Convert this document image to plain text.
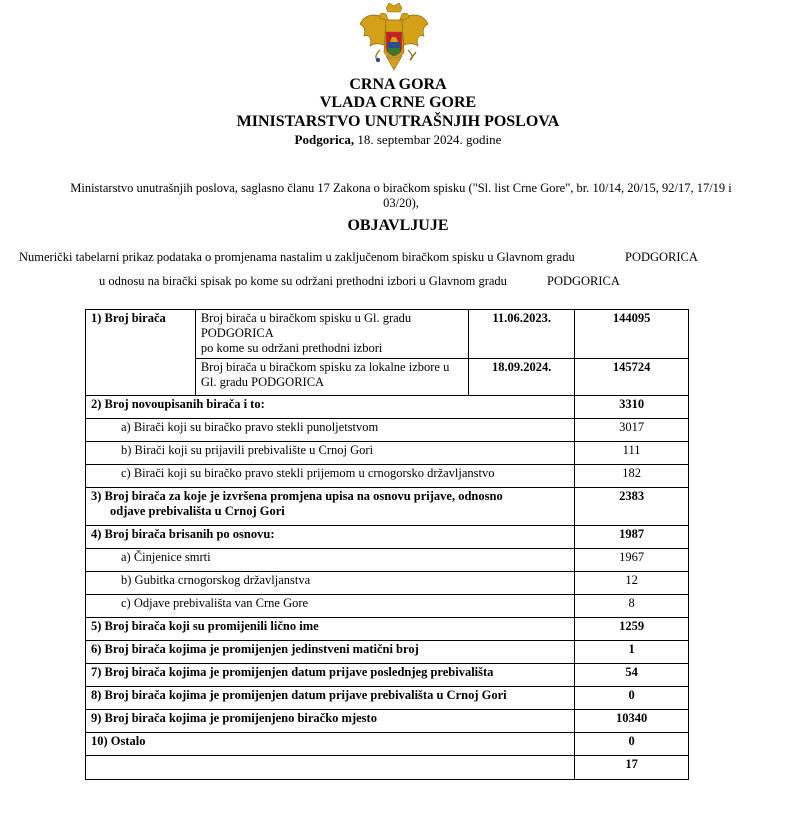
CRNA GORA
VLADA CRNE GORE
MINISTARSTVO UNUTRAŠNJIH POSLOVA
Podgorica, 18. septembar 2024. godine
Ministarstvo unutrašnjih poslova, saglasno članu 17 Zakona o biračkom spisku ("Sl. list Crne Gore", br. 10/14, 20/15, 92/17, 17/19 i 03/20),
OBJAVLJUJE
Numerički tabelarni prikaz podataka o promjenama nastalim u zaključenom biračkom spisku u Glavnom gradu	PODGORICA
u odnosu na birački spisak po kome su održani prethodni izbori u Glavnom gradu	PODGORICA
1) Broj birača	Broj birača u biračkom spisku u Gl. gradu
PODGORICA
po kome su održani prethodni izbori	11.06.2023.	144095

	Broj birača u biračkom spisku za lokalne izbore u
Gl. gradu PODGORICA	18.09.2024.	145724
2) Broj novoupisanih birača i to:			3310
a) Birači koji su biračko pravo stekli punoljetstvom			3017
b) Birači koji su prijavili prebivalište u Crnoj Gori			111
c) Birači koji su biračko pravo stekli prijemom u crnogorsko državljanstvo			182

3) Broj birača za koje je izvršena promjena upisa na osnovu prijave, odnosno
odjave prebivališta u Crnoj Gori			2383
4) Broj birača brisanih po osnovu:			1987
a) Činjenice smrti			1967
b) Gubitka crnogorskog državljanstva			12
c) Odjave prebivališta van Crne Gore			8
5) Broj birača koji su promijenili lično ime			1259
6) Broj birača kojima je promijenjen jedinstveni matični broj			1
7) Broj birača kojima je promijenjen datum prijave poslednjeg prebivališta			54
8) Broj birača kojima je promijenjen datum prijave prebivališta u Crnoj Gori			0
9) Broj birača kojima je promijenjeno biračko mjesto			10340
10) Ostalo			0
			17
